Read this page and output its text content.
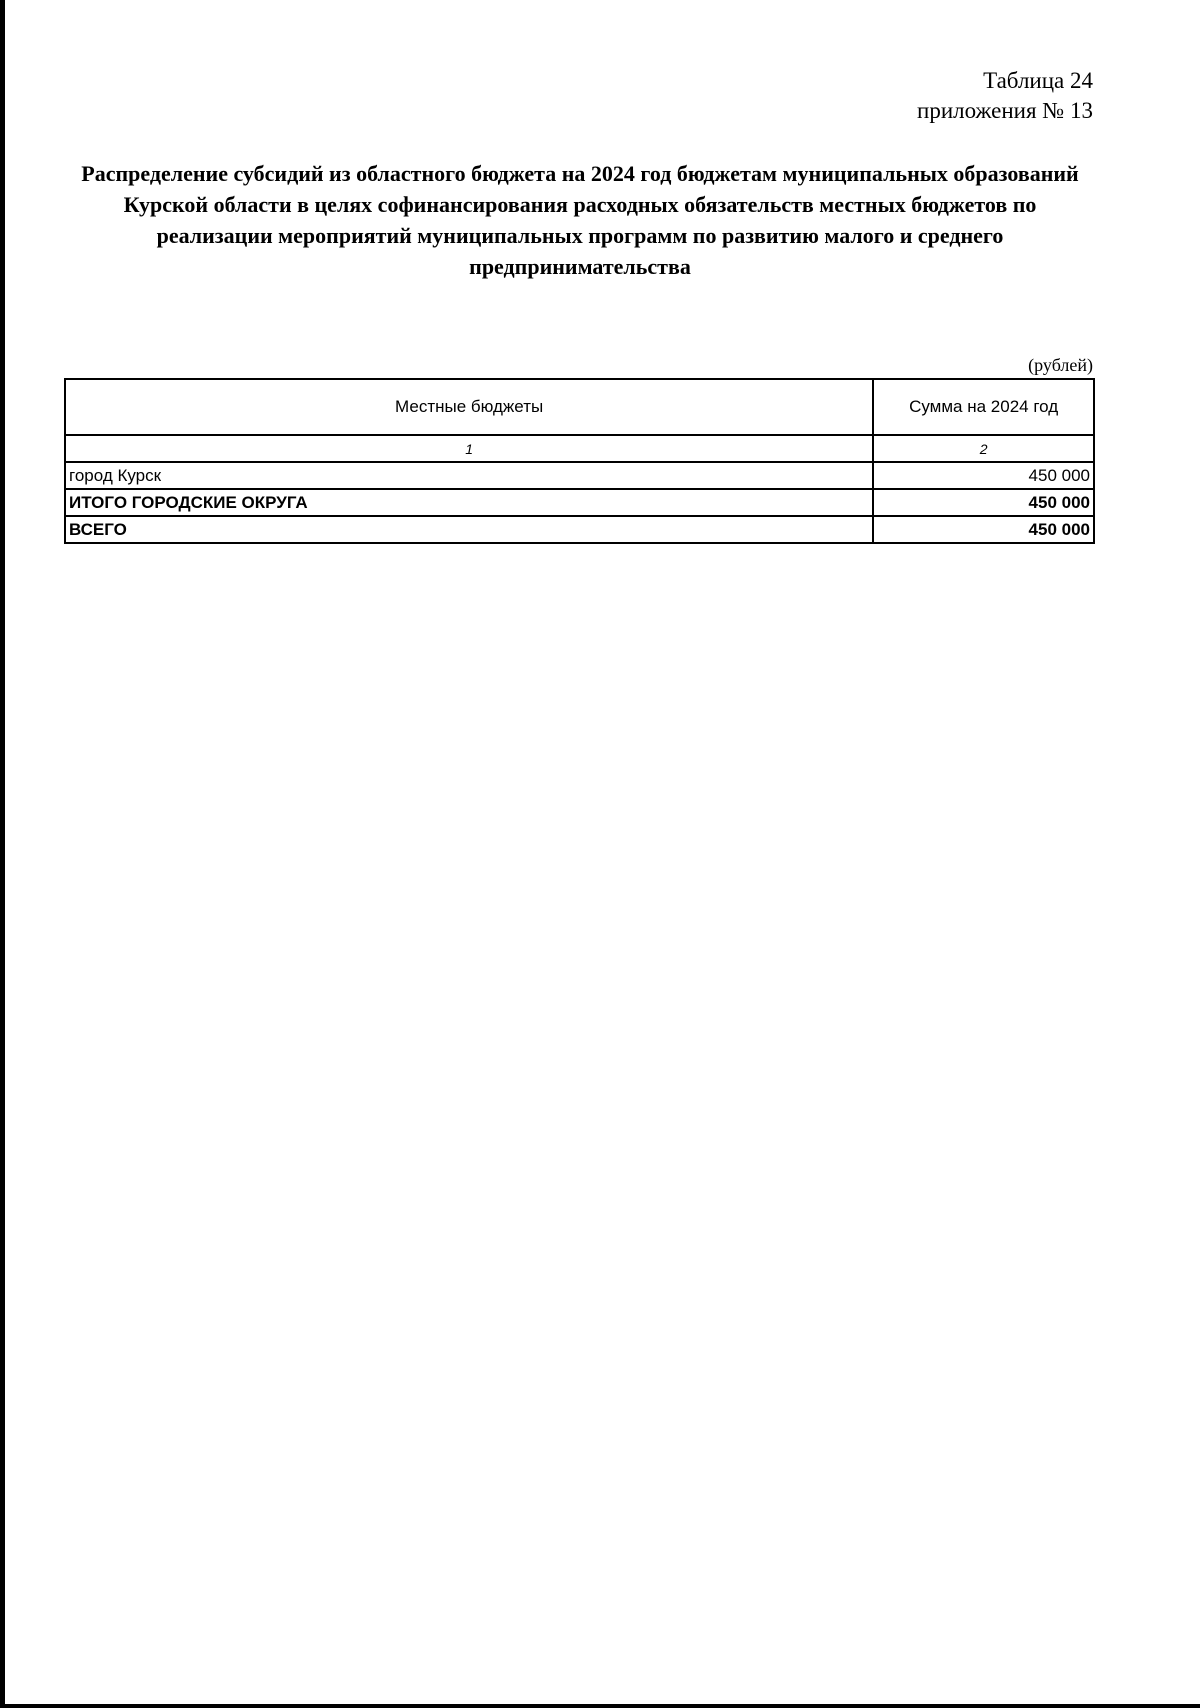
Таблица 24
приложения № 13
Распределение субсидий из областного бюджета на 2024 год бюджетам муниципальных образований Курской области в целях софинансирования расходных обязательств местных бюджетов по реализации мероприятий муниципальных программ по развитию малого и среднего предпринимательства
(рублей)
Местные бюджеты	Сумма на 2024 год
1	2
город Курск	450 000
ИТОГО ГОРОДСКИЕ ОКРУГА	450 000
ВСЕГО	450 000
